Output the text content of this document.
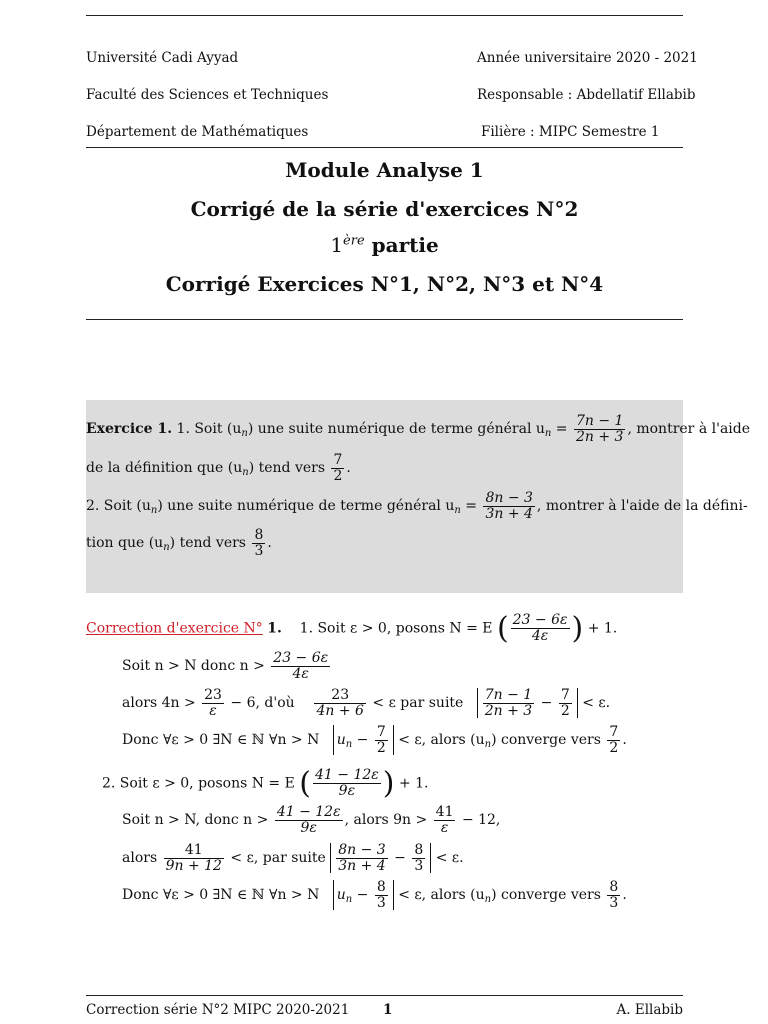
Université Cadi Ayyad
Faculté des Sciences et Techniques
Département de Mathématiques
Année universitaire 2020 - 2021
Responsable : Abdellatif Ellabib
Filière : MIPC Semestre 1
Module Analyse 1
Corrigé de la série d'exercices N°2
1ère partie
Corrigé Exercices N°1, N°2, N°3 et N°4
Exercice 1. 1. Soit $(u_n)$ une suite numérique de terme général $u_n = \frac{7n - 1}{2n + 3}$ , montrer à l'aide
de la définition que $(u_n)$ tend vers $\frac{7}{2}$ .
2. Soit $(u_n)$ une suite numérique de terme général $u_n = \frac{8n - 3}{3n + 4}$ , montrer à l'aide de la défini-
tion que $(u_n)$ tend vers $\frac{8}{3}$ .
Correction d'exercice N° 1. 1. Soit ε > 0, posons N = E ( $\frac{23 - 6\varepsilon}{4\varepsilon}$ ) + 1.
Soit n > N donc $n > \frac{23 - 6\varepsilon}{4\varepsilon}$
alors $4n > \frac{23}{\varepsilon} - 6$, d'où $\frac{23}{4n + 6} < \varepsilon$ par suite $\frac{7n - 1}{2n + 3} - \frac{7}{2} < \varepsilon$.
Donc ∀ε > 0 ∃N ∈ ℕ ∀n > N $u_n - \frac{7}{2} < \varepsilon$, alors $(u_n)$ converge vers $\frac{7}{2}$ .
2. Soit ε > 0, posons N = E ( $\frac{41 - 12\varepsilon}{9\varepsilon}$ ) + 1.
Soit n > N, donc $n > \frac{41 - 12\varepsilon}{9\varepsilon}$ , alors $9n > \frac{41}{\varepsilon} - 12$,
alors $\frac{41}{9n + 12} < \varepsilon$, par suite $\frac{8n - 3}{3n + 4} - \frac{8}{3} < \varepsilon$.
Donc ∀ε > 0 ∃N ∈ ℕ ∀n > N $u_n - \frac{8}{3} < \varepsilon$, alors $(u_n)$ converge vers $\frac{8}{3}$ .
Correction série N°2 MIPC 2020-2021 1	A. Ellabib
